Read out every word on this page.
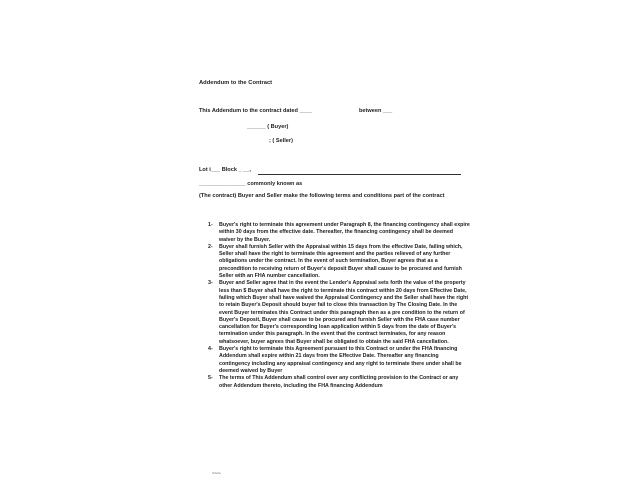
Addendum to the Contract
This Addendum to the contract dated ____	between ___
______ ( Buyer)
; ( Seller)
Lot i___ Block _ __,
_______________ commonly known as
(The contract) Buyer and Seller make the following terms and conditions part of the contract
1- Buyer's right to terminate this agreement under Paragraph 8, the financing contingency shall expire within 30 days from the effective date. Thereafter, the financing contingency shall be deemed waiver by the Buyer.
2- Buyer shall furnish Seller with the Appraisal within 15 days from the effective Date, failing which, Seller shall have the right to terminate this agreement and the parties relieved of any further obligations under the contract. In the event of such termination, Buyer agrees that as a precondition to receiving return of Buyer's deposit Buyer shall cause to be procured and furnish Seller with an FHA number cancellation.
3- Buyer and Seller agree that in the event the Lender's Appraisal sets forth the value of the property less than $ Buyer shall have the right to terminate this contract within 20 days from Effective Date, failing which Buyer shall have waived the Appraisal Contingency and the Seller shall have the right to retain Buyer's Deposit should buyer fail to close this transaction by The Closing Date. In the event Buyer terminates this Contract under this paragraph then as a pre condition to the return of Buyer's Deposit, Buyer shall cause to be procured and furnish Seller with the FHA case number cancellation for Buyer's corresponding loan application within 5 days from the date of Buyer's termination under this paragraph. In the event that the contract terminates, for any reason whatsoever, buyer agrees that Buyer shall be obligated to obtain the said FHA cancellation.
4- Buyer's right to terminate this Agreement pursuant to this Contract or under the FHA financing Addendum shall expire within 21 days from the Effective Date. Thereafter any financing contingency including any appraisal contingency and any right to terminate there under shall be deemed waived by Buyer
5- The terms of This Addendum shall control over any conflicting provision to the Contract or any other Addendum thereto, including the FHA financing Addendum
~~~
